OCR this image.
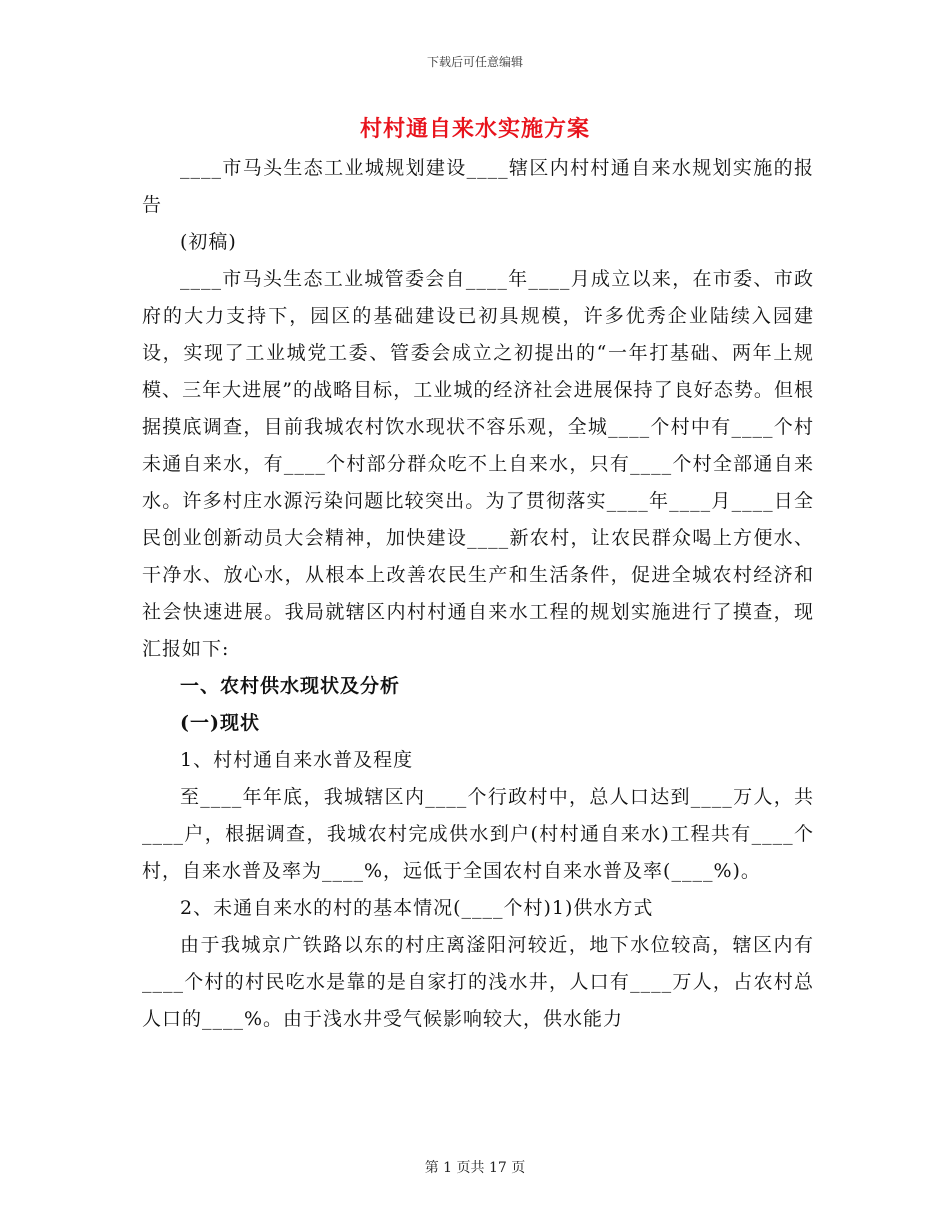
下载后可任意编辑
村村通自来水实施方案

____市马头生态工业城规划建设____辖区内村村通自来水规划实施的报告

(初稿)

____市马头生态工业城管委会自____年____月成立以来，在市委、市政府的大力支持下，园区的基础建设已初具规模，许多优秀企业陆续入园建设，实现了工业城党工委、管委会成立之初提出的“一年打基础、两年上规模、三年大进展”的战略目标，工业城的经济社会进展保持了良好态势。但根据摸底调查，目前我城农村饮水现状不容乐观，全城____个村中有____个村未通自来水，有____个村部分群众吃不上自来水，只有____个村全部通自来水。许多村庄水源污染问题比较突出。为了贯彻落实____年____月____日全民创业创新动员大会精神，加快建设____新农村，让农民群众喝上方便水、干净水、放心水，从根本上改善农民生产和生活条件，促进全城农村经济和社会快速进展。我局就辖区内村村通自来水工程的规划实施进行了摸查，现汇报如下:

一、农村供水现状及分析

(一)现状

1、村村通自来水普及程度

至____年年底，我城辖区内____个行政村中，总人口达到____万人，共____户，根据调查，我城农村完成供水到户(村村通自来水)工程共有____个村，自来水普及率为____%，远低于全国农村自来水普及率(____%)。

2、未通自来水的村的基本情况(____个村)1)供水方式

由于我城京广铁路以东的村庄离滏阳河较近，地下水位较高，辖区内有____个村的村民吃水是靠的是自家打的浅水井，人口有____万人，占农村总人口的____%。由于浅水井受气候影响较大，供水能力

第 1 页共 17 页
